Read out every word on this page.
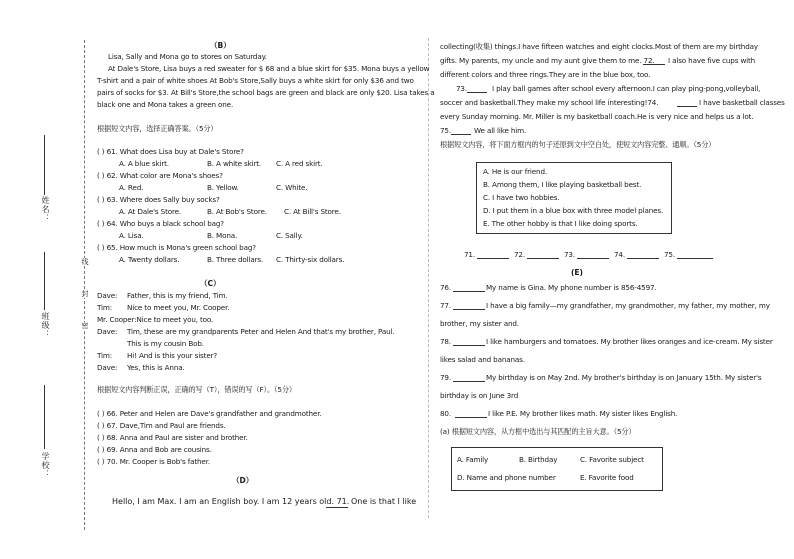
姓名：
班级：
学校：
线
封
密
（B）
Lisa, Sally and Mona go to stores on Saturday.
At Dale's Store, Lisa buys a red sweater for $ 68 and a blue skirt for $35. Mona buys a yellow
T-shirt and a pair of white shoes At Bob's Store,Sally buys a white skirt for only $36 and two
pairs of socks for $3. At Bill's Store,the school bags are green and black are only $20. Lisa takes a
black one and Mona takes a green one.
根据短文内容，选择正确答案。（5分）
( ) 61. What does Lisa buy at Dale's Store?
A. A blue skirt.	B. A white skirt. C. A red skirt.
( ) 62. What color are Mona's shoes?
A. Red.	B. Yellow.	C. White.
( ) 63. Where does Sally buy socks?
A. At Dale's Store.	B. At Bob's Store. C. At Bill's Store.
( ) 64. Who buys a black school bag?
A. Lisa.	B. Mona.	C. Sally.
( ) 65. How much is Mona's green school bag?
A. Twenty dollars.	B. Three dollars. C. Thirty-six dollars.
（C）
Dave: Father, this is my friend, Tim.
Tim: Nice to meet you, Mr. Cooper.
Mr. Cooper:Nice to meet you, too.
Dave: Tim, these are my grandparents Peter and Helen And that's my brother, Paul.
This is my cousin Bob.
Tim: Hi! And is this your sister?
Dave: Yes, this is Anna.
根据短文内容判断正误，正确的写（T），错误的写（F）。（5分）
( ) 66. Peter and Helen are Dave's grandfather and grandmother.
( ) 67. Dave,Tim and Paul are friends.
( ) 68. Anna and Paul are sister and brother.
( ) 69. Anna and Bob are cousins.
( ) 70. Mr. Cooper is Bob's father.
（D）
Hello, I am Max. I am an English boy. I am 12 years old. 71. One is that I like
collecting(收集) things.I have fifteen watches and eight clocks.Most of them are my birthday
gifts. My parents, my uncle and my aunt give them to me. 72. I also have five cups with
different colors and three rings.They are in the blue box, too.
73.	I play ball games after school every afternoon.I can play ping-pong,volleyball,
soccer and basketball.They make my school life interesting!74.	I have basketball classes
every Sunday morning. Mr. Miller is my basketball coach.He is very nice and helps us a lot.
75.	We all like him.
根据短文内容，将下面方框内的句子还原到文中空白处，使短文内容完整、通顺。（5分）
A. He is our friend.
B. Among them, I like playing basketball best.
C. I have two hobbies.
D. I put them in a blue box with three model planes.
E. The other hobby is that I like doing sports.
71.	72.	73.	74.	75.
(E)
76.	My name is Gina. My phone number is 856-4597.
77.	I have a big family—my grandfather, my grandmother, my father, my mother, my
brother, my sister and.
78.	I like hamburgers and tomatoes. My brother likes oranges and ice-cream. My sister
likes salad and bananas.
79.	My birthday is on May 2nd. My brother's birthday is on January 15th. My sister's
birthday is on June 3rd
80.	I like P.E. My brother likes math. My sister likes English.
(a) 根据短文内容，从方框中选出与其匹配的主旨大意。（5分）
A. Family	B. Birthday	C. Favorite subject
D. Name and phone number	E. Favorite food
